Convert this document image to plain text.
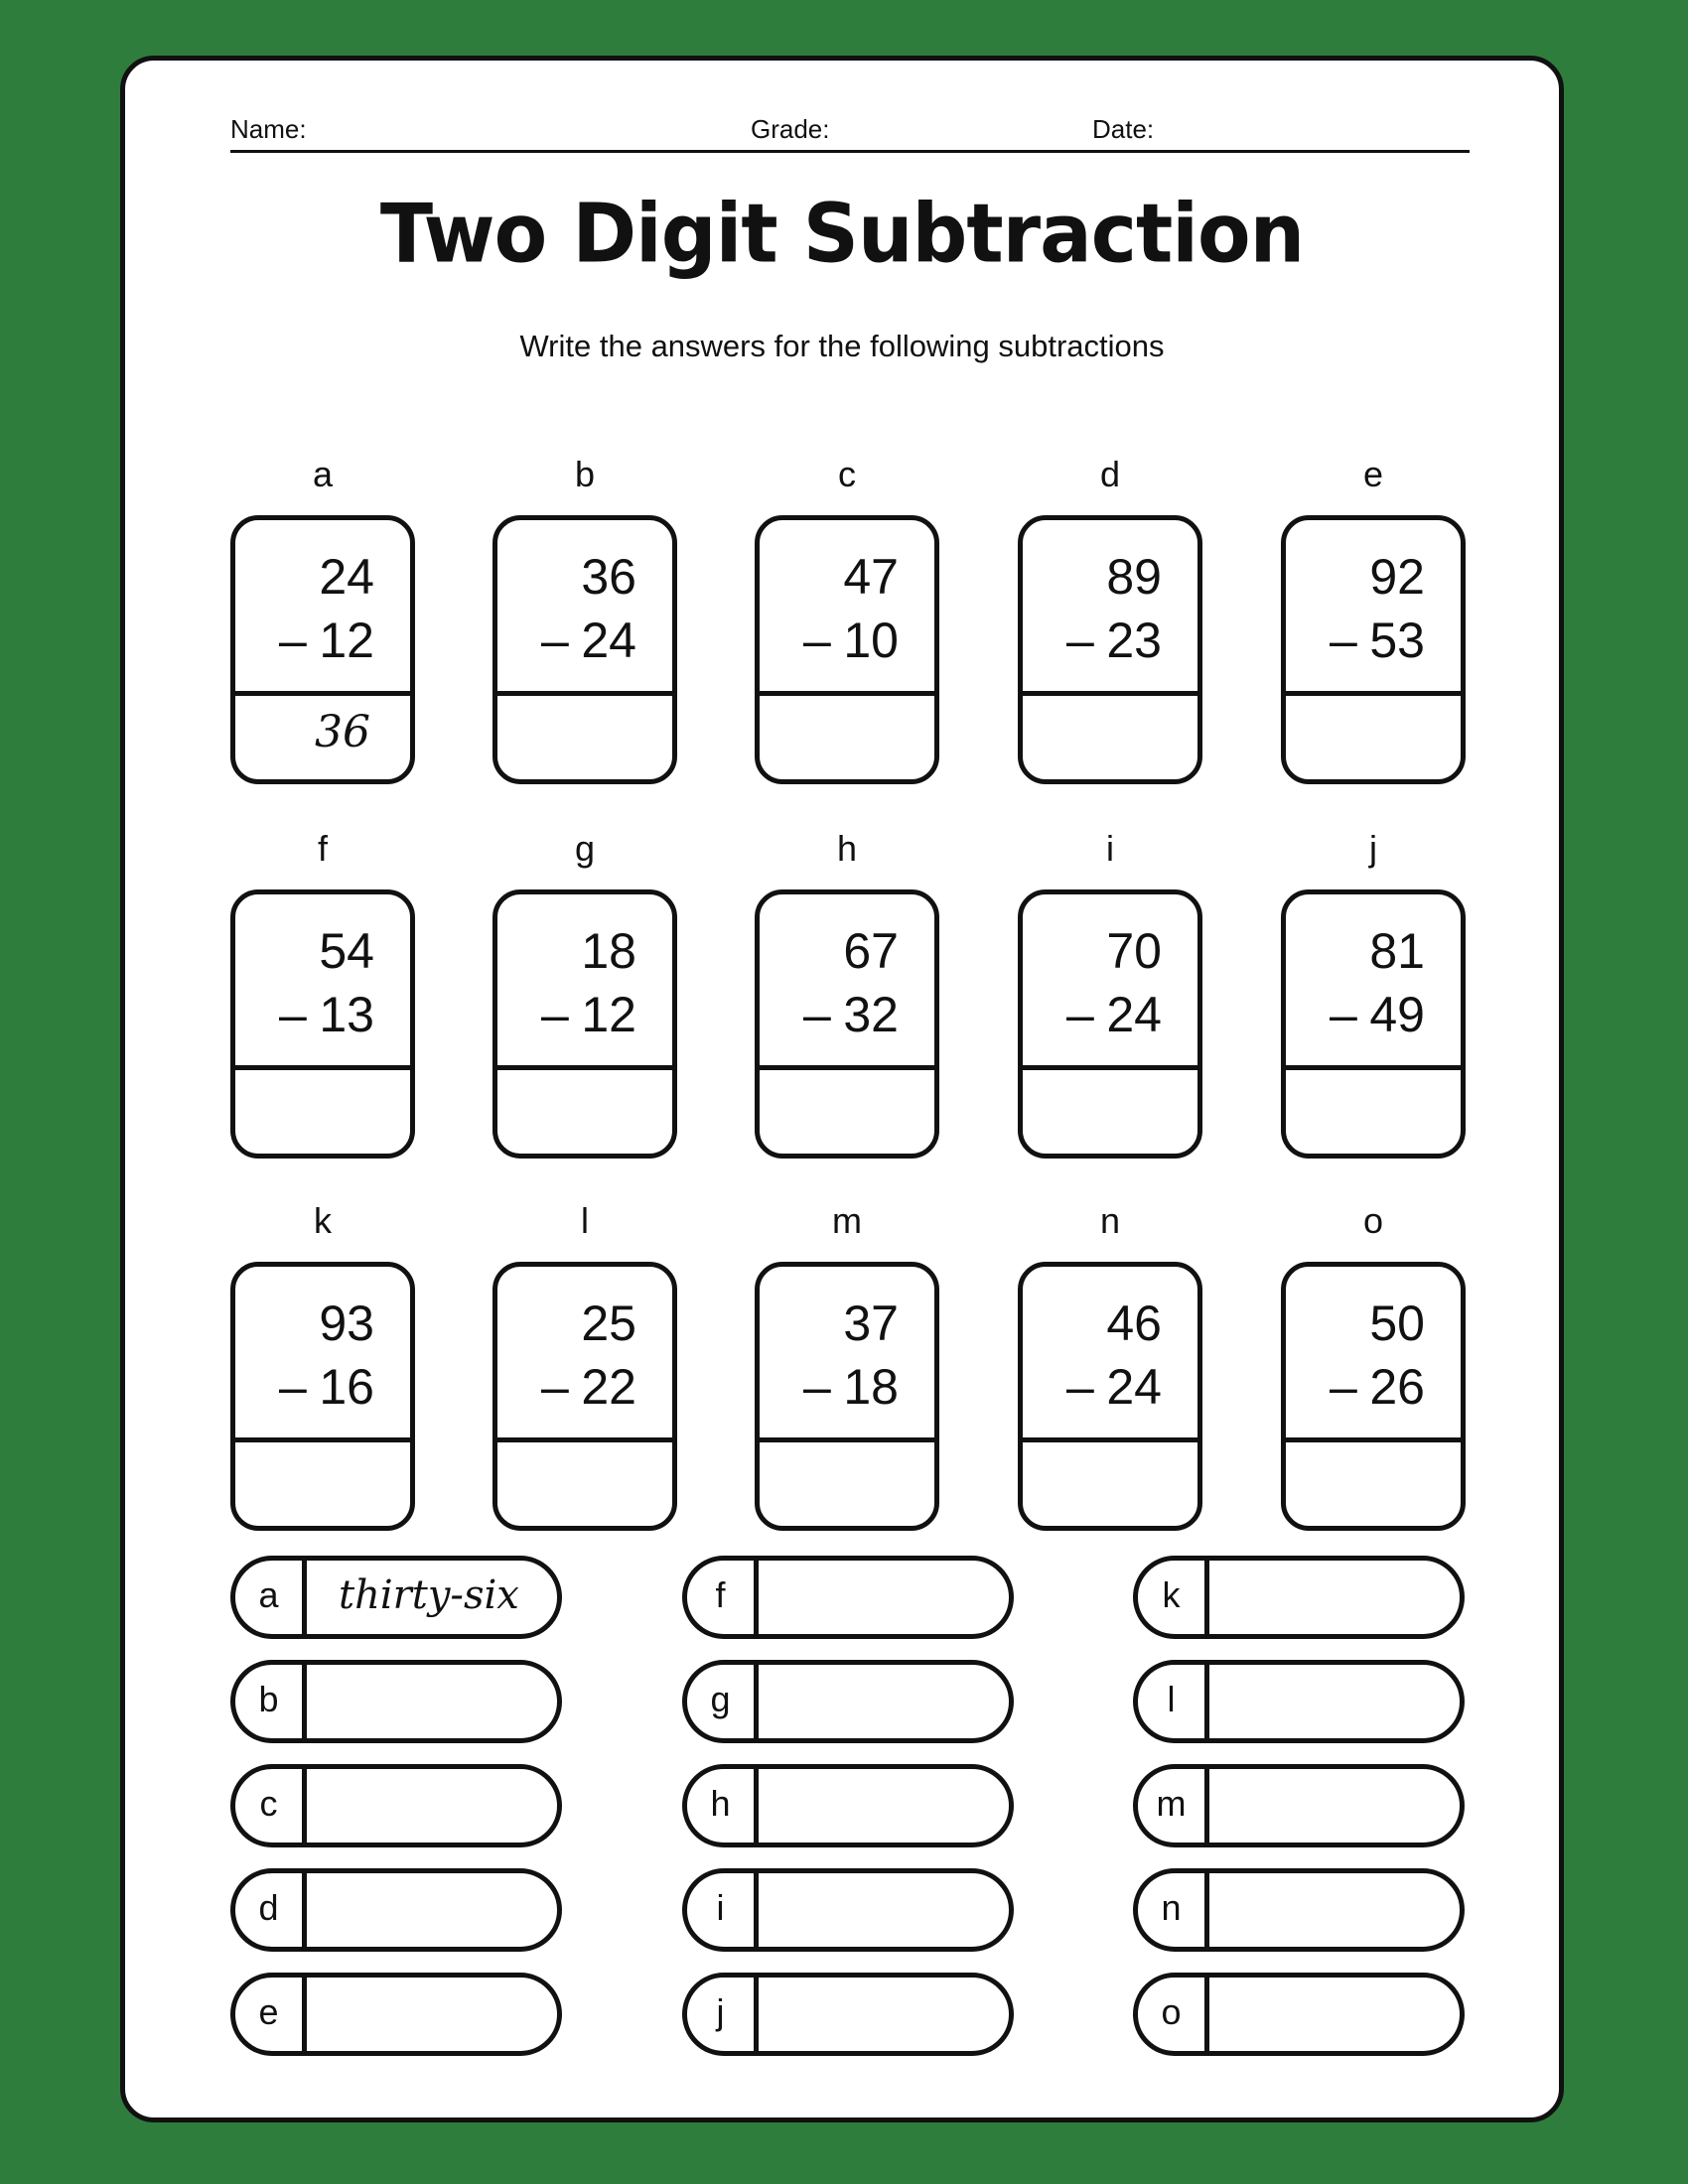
Name:	Grade:	Date:
Two Digit Subtraction
Write the answers for the following subtractions
a
24
– 12
36
b
36
– 24
c
47
– 10
d
89
– 23
e
92
– 53
f
54
– 13
g
18
– 12
h
67
– 32
i
70
– 24
j
81
– 49
k
93
– 16
l
25
– 22
m
37
– 18
n
46
– 24
o
50
– 26
a	thirty-six
b
c
d
e
f
g
h
i
j
k
l
m
n
o
